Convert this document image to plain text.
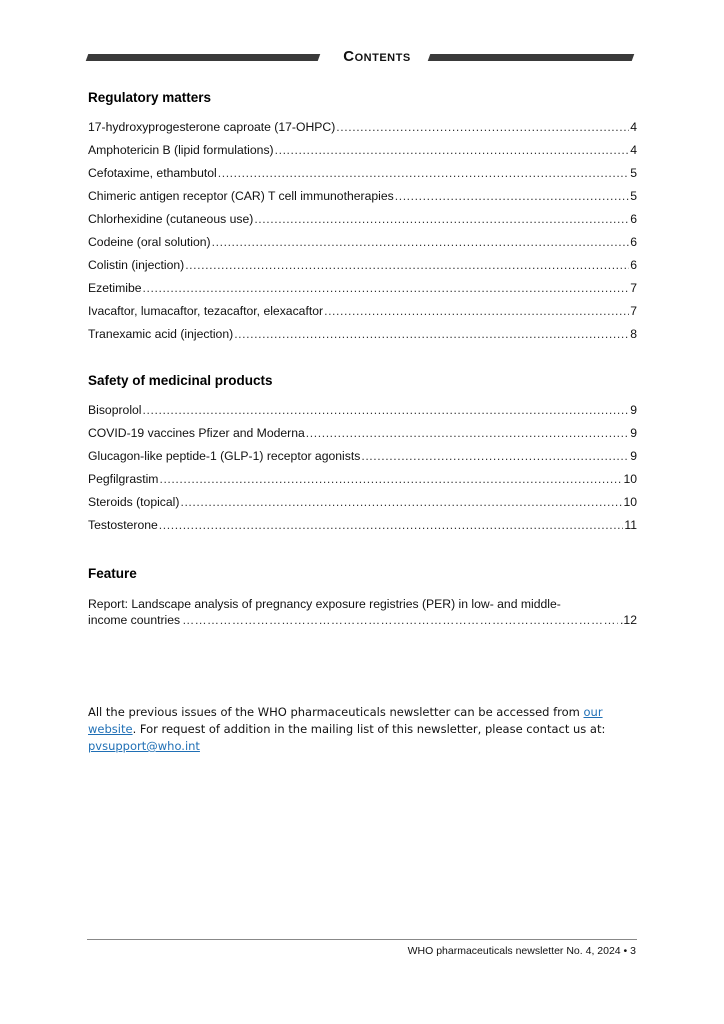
Contents
Regulatory matters
17-hydroxyprogesterone caproate (17-OHPC) .....	4
Amphotericin B (lipid formulations) .....	4
Cefotaxime, ethambutol .....	5
Chimeric antigen receptor (CAR) T cell immunotherapies .....	5
Chlorhexidine (cutaneous use) .....	6
Codeine (oral solution) .....	6
Colistin (injection) .....	6
Ezetimibe .....	7
Ivacaftor, lumacaftor, tezacaftor, elexacaftor .....	7
Tranexamic acid (injection) .....	8
Safety of medicinal products
Bisoprolol .....	9
COVID-19 vaccines Pfizer and Moderna .....	9
Glucagon-like peptide-1 (GLP-1) receptor agonists .....	9
Pegfilgrastim .....	10
Steroids (topical) .....	10
Testosterone .....	11
Feature
Report: Landscape analysis of pregnancy exposure registries (PER) in low- and middle-
income countries …………………………………………………………………………………………………………………………………	.12
All the previous issues of the WHO pharmaceuticals newsletter can be accessed from our website. For request of addition in the mailing list of this newsletter, please contact us at: pvsupport@who.int
WHO pharmaceuticals newsletter No. 4, 2024 • 3
